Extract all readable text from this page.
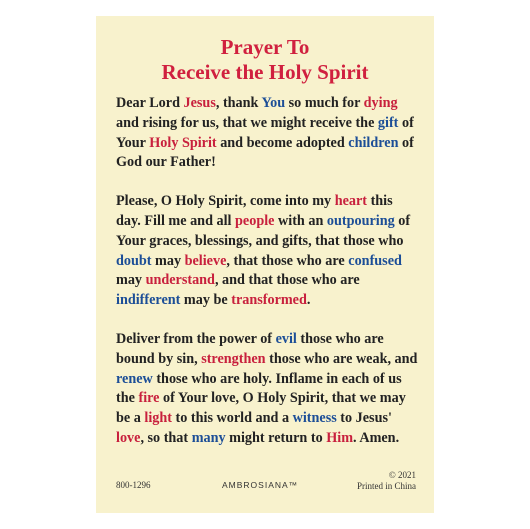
Prayer To
Receive the Holy Spirit

Dear Lord Jesus, thank You so much for dying and rising for us, that we might receive the gift of Your Holy Spirit and become adopted children of God our Father!

Please, O Holy Spirit, come into my heart this day. Fill me and all people with an outpouring of Your graces, blessings, and gifts, that those who doubt may believe, that those who are confused may understand, and that those who are indifferent may be transformed.

Deliver from the power of evil those who are bound by sin, strengthen those who are weak, and renew those who are holy. Inflame in each of us the fire of Your love, O Holy Spirit, that we may be a light to this world and a witness to Jesus' love, so that many might return to Him. Amen.

800-1296	AMBROSIANA™
© 2021
Printed in China
